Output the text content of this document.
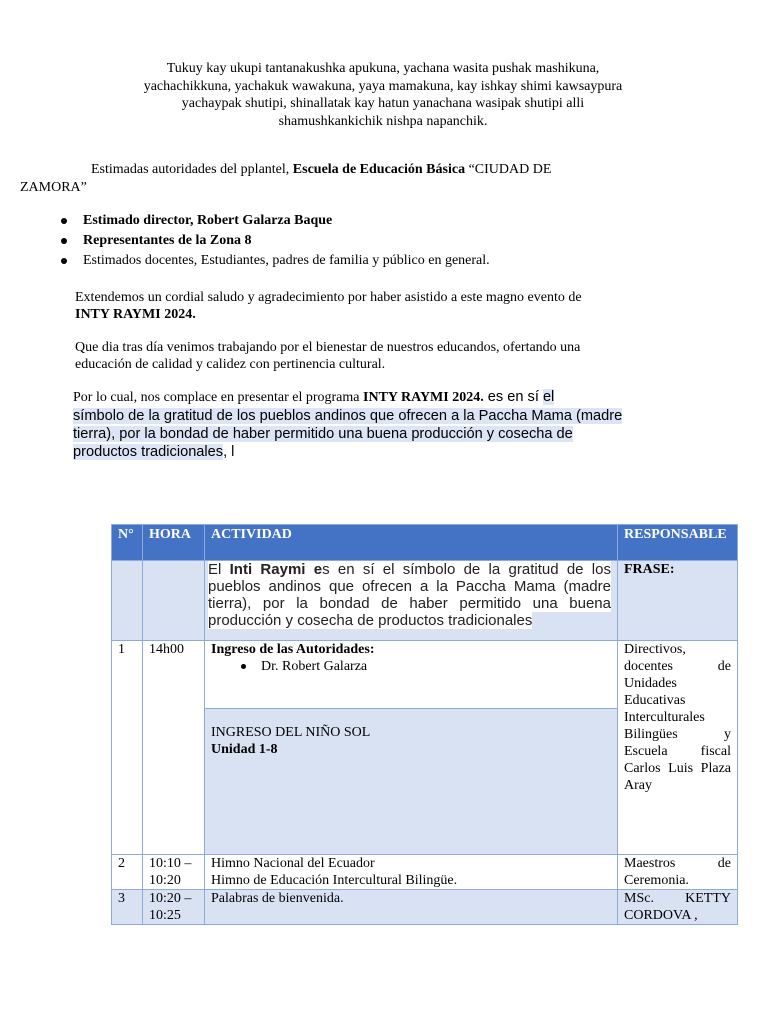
Tukuy kay ukupi tantanakushka apukuna, yachana wasita pushak mashikuna,
yachachikkuna, yachakuk wawakuna, yaya mamakuna, kay ishkay shimi kawsaypura
yachaypak shutipi, shinallatak kay hatun yanachana wasipak shutipi alli
shamushkankichik nishpa napanchik.
Estimadas autoridades del pplantel, Escuela de Educación Básica “CIUDAD DE
ZAMORA”
Estimado director, Robert Galarza Baque
Representantes de la Zona 8
Estimados docentes, Estudiantes, padres de familia y público en general.
Extendemos un cordial saludo y agradecimiento por haber asistido a este magno evento de
INTY RAYMI 2024.
Que dia tras día venimos trabajando por el bienestar de nuestros educandos, ofertando una
educación de calidad y calidez con pertinencia cultural.
Por lo cual, nos complace en presentar el programa INTY RAYMI 2024. es en sí el
símbolo de la gratitud de los pueblos andinos que ofrecen a la Paccha Mama (madre
tierra), por la bondad de haber permitido una buena producción y cosecha de
productos tradicionales, l
N°	HORA	ACTIVIDAD	RESPONSABLE
		El Inti Raymi es en sí el símbolo de la gratitud de los pueblos andinos que ofrecen a la Paccha Mama (madre tierra), por la bondad de haber permitido una buena producción y cosecha de productos tradicionales	FRASE:
1	14h00	Ingreso de las Autoridades:
Dr. Robert Galarza	Directivos, docentes de Unidades Educativas Interculturales Bilingües y Escuela fiscal Carlos Luis Plaza Aray

		INGRESO DEL NIÑO SOL
Unidad 1-8	

2	10:10 – 10:20	Himno Nacional del Ecuador
Himno de Educación Intercultural Bilingüe.	Maestros de Ceremonia.
3	10:20 – 10:25	Palabras de bienvenida.	MSc. KETTY CORDOVA ,
